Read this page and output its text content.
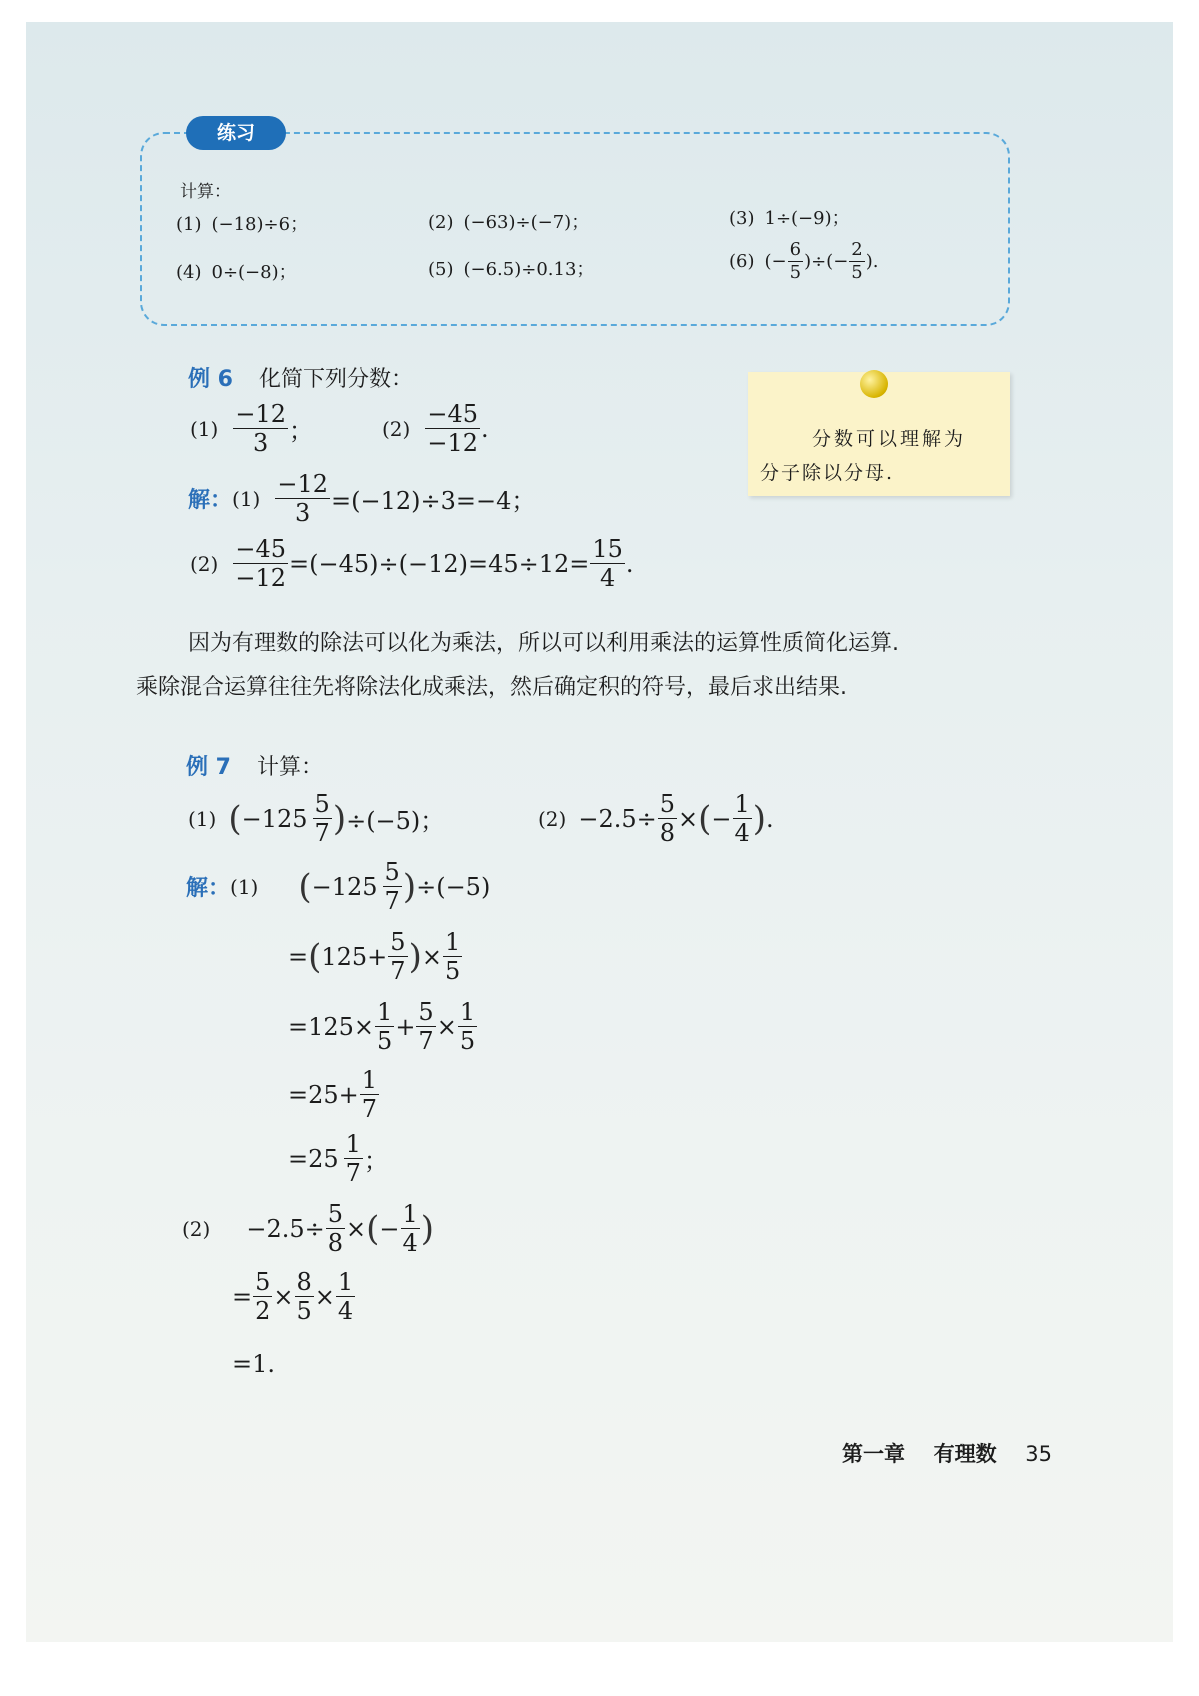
练习
计算：
(1) (−18)÷6；	(2) (−63)÷(−7)；	(3) 1÷(−9)；
(4) 0÷(−8)；	(5) (−6.5)÷0.13；	(6) (− $\frac{6}{5}$ )÷(− $\frac{2}{5}$ ).
例 6 化简下列分数：
(1)
−12
3 ；	(2)
−45
−12
.
解： $(1) \frac{-12}{3} =(-12)\div 3=-4$；
$(2) \frac{-45}{-12} =(-45)\div(-12)=45\div 12= \frac{15}{4}$ .
分数可以理解为
分子除以分母.
因为有理数的除法可以化为乘法，所以可以利用乘法的运算性质简化运算.
乘除混合运算往往先将除法化成乘法，然后确定积的符号，最后求出结果.
例 7 计算：
(1) ( −125
5
7 ) ÷(−5)；	$(2) -2.5\div \frac{5}{8}$ × ( − $\frac{1}{4}$ ) .
解： (1) ( −125
5
7 ) ÷(−5)
= ( $125+ \frac{5}{7}$ ) × $\frac{1}{5}$
$=125\times \frac{1}{5} + \frac{5}{7} \times \frac{1}{5}$
$=25+ \frac{1}{7}$
=25
1
7 ；
$(2) -2.5\div \frac{5}{8}$ × ( − $\frac{1}{4}$ )
= $\frac{5}{2} \times \frac{8}{5} \times \frac{1}{4}$
=1.
第一章 有理数 35
